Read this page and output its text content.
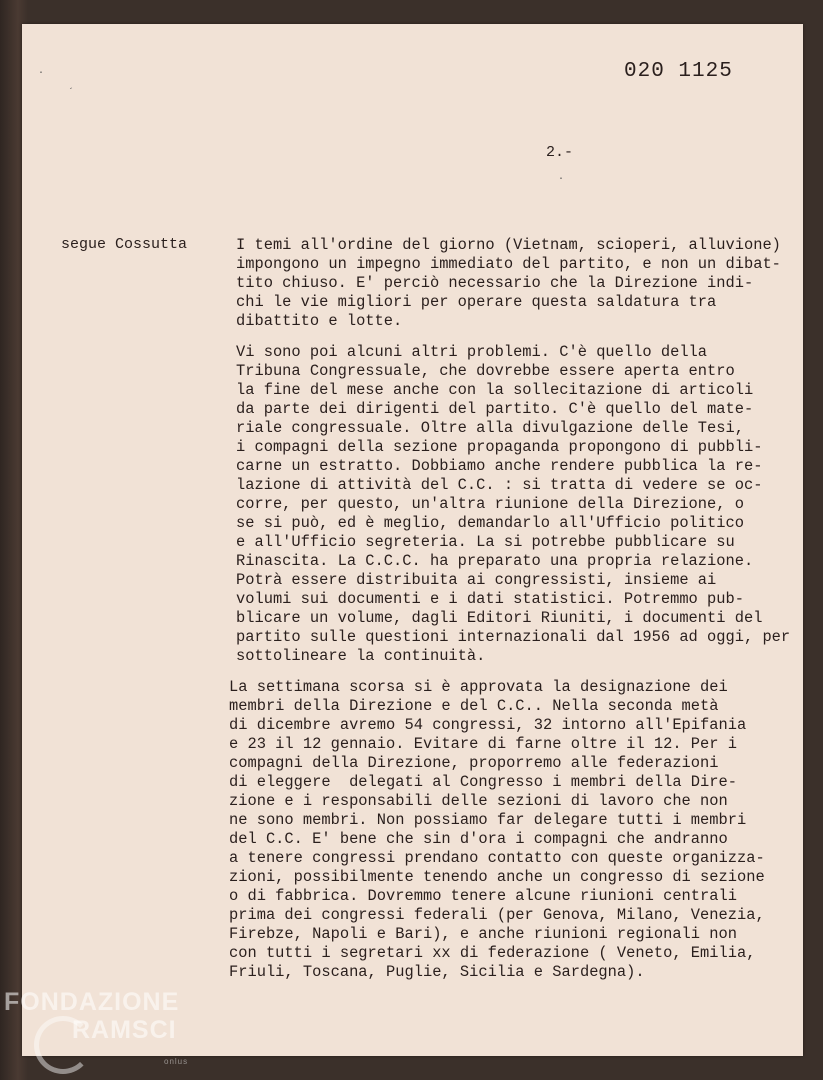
.
´
.
020 1125
2.-
segue Cossutta	I temi all'ordine del giorno (Vietnam, scioperi, alluvione)
impongono un impegno immediato del partito, e non un dibat-
tito chiuso. E' perciò necessario che la Direzione indi-
chi le vie migliori per operare questa saldatura tra
dibattito e lotte.
Vi sono poi alcuni altri problemi. C'è quello della
Tribuna Congressuale, che dovrebbe essere aperta entro
la fine del mese anche con la sollecitazione di articoli
da parte dei dirigenti del partito. C'è quello del mate-
riale congressuale. Oltre alla divulgazione delle Tesi,
i compagni della sezione propaganda propongono di pubbli-
carne un estratto. Dobbiamo anche rendere pubblica la re-
lazione di attività del C.C. : si tratta di vedere se oc-
corre, per questo, un'altra riunione della Direzione, o
se si può, ed è meglio, demandarlo all'Ufficio politico
e all'Ufficio segreteria. La si potrebbe pubblicare su
Rinascita. La C.C.C. ha preparato una propria relazione.
Potrà essere distribuita ai congressisti, insieme ai
volumi sui documenti e i dati statistici. Potremmo pub-
blicare un volume, dagli Editori Riuniti, i documenti del
partito sulle questioni internazionali dal 1956 ad oggi, per
sottolineare la continuità.
La settimana scorsa si è approvata la designazione dei
membri della Direzione e del C.C.. Nella seconda metà
di dicembre avremo 54 congressi, 32 intorno all'Epifania
e 23 il 12 gennaio. Evitare di farne oltre il 12. Per i
compagni della Direzione, proporremo alle federazioni
di eleggere  delegati al Congresso i membri della Dire-
zione e i responsabili delle sezioni di lavoro che non
ne sono membri. Non possiamo far delegare tutti i membri
del C.C. E' bene che sin d'ora i compagni che andranno
a tenere congressi prendano contatto con queste organizza-
zioni, possibilmente tenendo anche un congresso di sezione
o di fabbrica. Dovremmo tenere alcune riunioni centrali
prima dei congressi federali (per Genova, Milano, Venezia,
Firebze, Napoli e Bari), e anche riunioni regionali non
con tutti i segretari xx di federazione ( Veneto, Emilia,
Friuli, Toscana, Puglie, Sicilia e Sardegna).
FONDAZIONE
RAMSCI
onlus
